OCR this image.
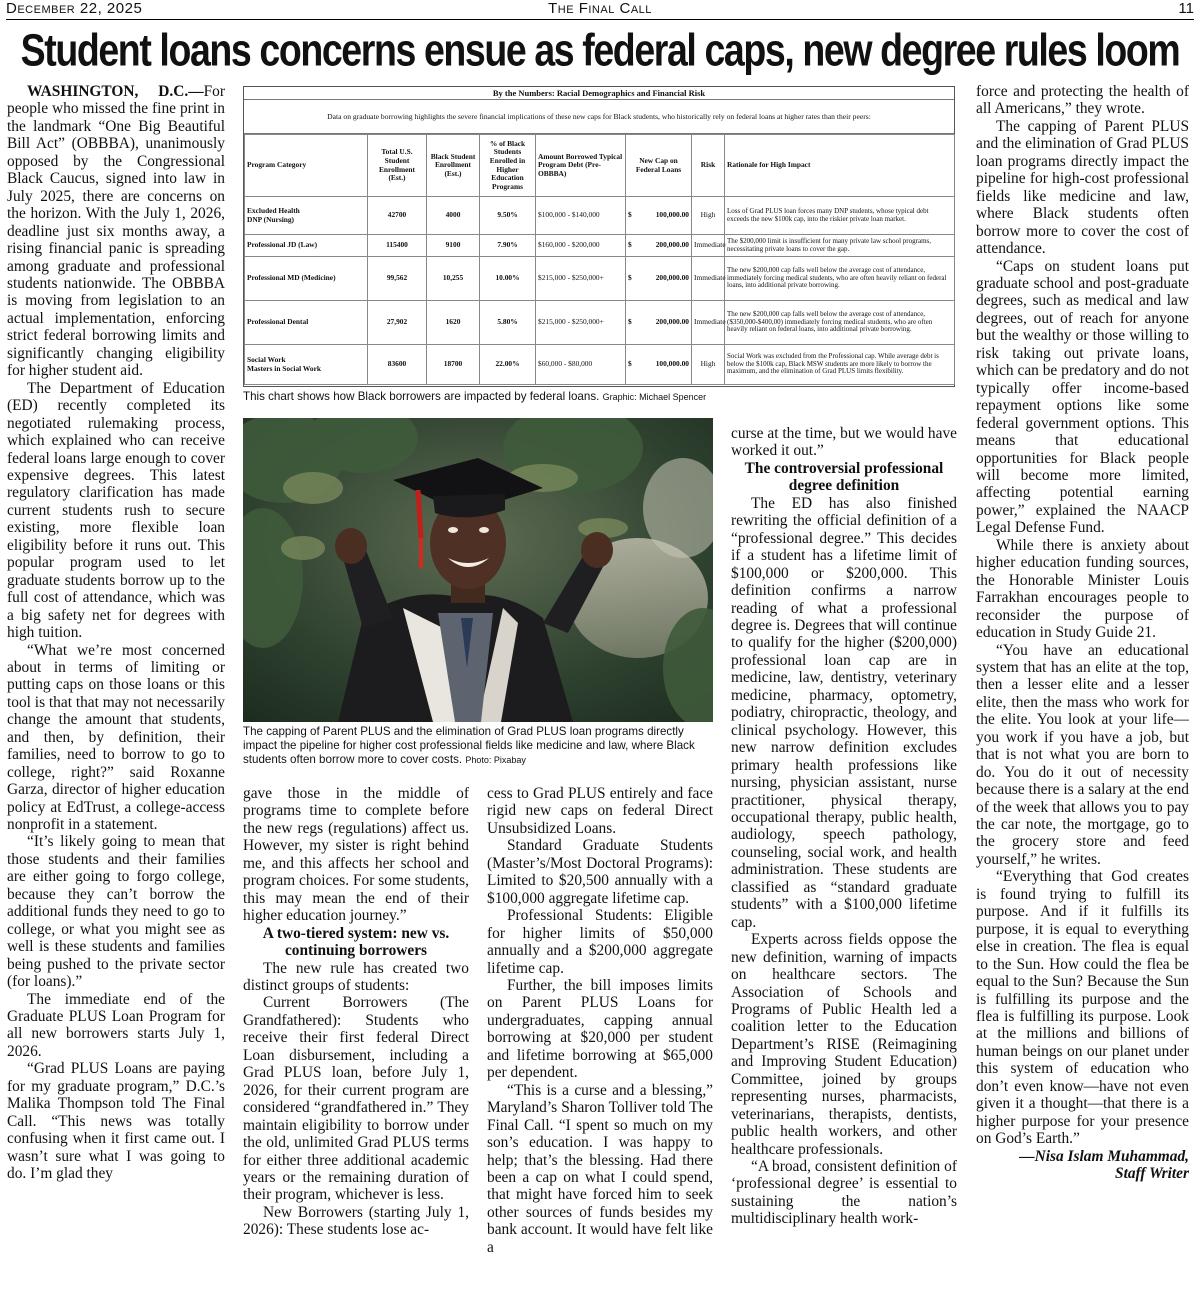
December 22, 2025	The Final Call	11
Student loans concerns ensue as federal caps, new degree rules loom

WASHINGTON, D.C.—For people who missed the fine print in the landmark “One Big Beautiful Bill Act” (OBBBA), unanimously opposed by the Congressional Black Caucus, signed into law in July 2025, there are concerns on the horizon. With the July 1, 2026, deadline just six months away, a rising financial panic is spreading among graduate and professional students nationwide. The OBBBA is moving from legislation to an actual implementation, enforcing strict federal borrowing limits and significantly changing eligibility for higher student aid.

The Department of Education (ED) recently completed its negotiated rulemaking process, which explained who can receive federal loans large enough to cover expensive degrees. This latest regulatory clarification has made current students rush to secure existing, more flexible loan eligibility before it runs out. This popular program used to let graduate students borrow up to the full cost of attendance, which was a big safety net for degrees with high tuition.

“What we’re most concerned about in terms of limiting or putting caps on those loans or this tool is that that may not necessarily change the amount that students, and then, by definition, their families, need to borrow to go to college, right?” said Roxanne Garza, director of higher education policy at EdTrust, a college-access nonprofit in a statement.

“It’s likely going to mean that those students and their families are either going to forgo college, because they can’t borrow the additional funds they need to go to college, or what you might see as well is these students and families being pushed to the private sector (for loans).”

The immediate end of the Graduate PLUS Loan Program for all new borrowers starts July 1, 2026.

“Grad PLUS Loans are paying for my graduate program,” D.C.’s Malika Thompson told The Final Call. “This news was totally confusing when it first came out. I wasn’t sure what I was going to do. I’m glad they

By the Numbers: Racial Demographics and Financial Risk
Data on graduate borrowing highlights the severe financial implications of these new caps for Black students, who historically rely on federal loans at higher rates than their peers:
Program Category	Total U.S. Student Enrollment (Est.)	Black Student Enrollment (Est.)	% of Black Students Enrolled in Higher Education Programs	Amount Borrowed Typical Program Debt (Pre-OBBBA)	New Cap on Federal Loans	Risk	Rationale for High Impact
Excluded Health
DNP (Nursing)	42700	4000	9.50%	$100,000 - $140,000	$ 100,000.00	High	Loss of Grad PLUS loan forces many DNP students, whose typical debt exceeds the new $100k cap, into the riskier private loan market.
Professional JD (Law)	115400	9100	7.90%	$160,000 - $200,000	$ 200,000.00	Immediate	The $200,000 limit is insufficient for many private law school programs, necessitating private loans to cover the gap.
Professional MD (Medicine)	99,562	10,255	10.00%	$215,000 - $250,000+	$ 200,000.00	Immediate	The new $200,000 cap falls well below the average cost of attendance, immediately forcing medical students, who are often heavily reliant on federal loans, into additional private borrowing.
Professional Dental	27,902	1620	5.80%	$215,000 - $250,000+	$ 200,000.00	Immediate	The new $200,000 cap falls well below the average cost of attendance, ($350,000-$400,00) immediately forcing medical students, who are often heavily reliant on federal loans, into additional private borrowing.
Social Work
Masters in Social Work	83600	18700	22.00%	$60,000 - $80,000	$ 100,000.00	High	Social Work was excluded from the Professional cap. While average debt is below the $100k cap, Black MSW students are more likely to borrow the maximum, and the elimination of Grad PLUS limits flexibility.
This chart shows how Black borrowers are impacted by federal loans. Graphic: Michael Spencer
The capping of Parent PLUS and the elimination of Grad PLUS loan programs directly impact the pipeline for higher cost professional fields like medicine and law, where Black students often borrow more to cover costs. Photo: Pixabay

gave those in the middle of programs time to complete before the new regs (regulations) affect us. However, my sister is right behind me, and this affects her school and program choices. For some students, this may mean the end of their higher education journey.”

A two-tiered system: new vs. continuing borrowers

The new rule has created two distinct groups of students:

Current Borrowers (The Grandfathered): Students who receive their first federal Direct Loan disbursement, including a Grad PLUS loan, before July 1, 2026, for their current program are considered “grandfathered in.” They maintain eligibility to borrow under the old, unlimited Grad PLUS terms for either three additional academic years or the remaining duration of their program, whichever is less.

New Borrowers (starting July 1, 2026): These students lose ac-

cess to Grad PLUS entirely and face rigid new caps on federal Direct Unsubsidized Loans.

Standard Graduate Students (Master’s/Most Doctoral Programs): Limited to $20,500 annually with a $100,000 aggregate lifetime cap.

Professional Students: Eligible for higher limits of $50,000 annually and a $200,000 aggregate lifetime cap.

Further, the bill imposes limits on Parent PLUS Loans for undergraduates, capping annual borrowing at $20,000 per student and lifetime borrowing at $65,000 per dependent.

“This is a curse and a blessing,” Maryland’s Sharon Tolliver told The Final Call. “I spent so much on my son’s education. I was happy to help; that’s the blessing. Had there been a cap on what I could spend, that might have forced him to seek other sources of funds besides my bank account. It would have felt like a

curse at the time, but we would have worked it out.”

The controversial professional degree definition

The ED has also finished rewriting the official definition of a “professional degree.” This decides if a student has a lifetime limit of $100,000 or $200,000. This definition confirms a narrow reading of what a professional degree is. Degrees that will continue to qualify for the higher ($200,000) professional loan cap are in medicine, law, dentistry, veterinary medicine, pharmacy, optometry, podiatry, chiropractic, theology, and clinical psychology. However, this new narrow definition excludes primary health professions like nursing, physician assistant, nurse practitioner, physical therapy, occupational therapy, public health, audiology, speech pathology, counseling, social work, and health administration. These students are classified as “standard graduate students” with a $100,000 lifetime cap.

Experts across fields oppose the new definition, warning of impacts on healthcare sectors. The Association of Schools and Programs of Public Health led a coalition letter to the Education Department’s RISE (Reimagining and Improving Student Education) Committee, joined by groups representing nurses, pharmacists, veterinarians, therapists, dentists, public health workers, and other healthcare professionals.

“A broad, consistent definition of ‘professional degree’ is essential to sustaining the nation’s multidisciplinary health work-

force and protecting the health of all Americans,” they wrote.

The capping of Parent PLUS and the elimination of Grad PLUS loan programs directly impact the pipeline for high-cost professional fields like medicine and law, where Black students often borrow more to cover the cost of attendance.

“Caps on student loans put graduate school and post-graduate degrees, such as medical and law degrees, out of reach for anyone but the wealthy or those willing to risk taking out private loans, which can be predatory and do not typically offer income-based repayment options like some federal government options. This means that educational opportunities for Black people will become more limited, affecting potential earning power,” explained the NAACP Legal Defense Fund.

While there is anxiety about higher education funding sources, the Honorable Minister Louis Farrakhan encourages people to reconsider the purpose of education in Study Guide 21.

“You have an educational system that has an elite at the top, then a lesser elite and a lesser elite, then the mass who work for the elite. You look at your life—you work if you have a job, but that is not what you are born to do. You do it out of necessity because there is a salary at the end of the week that allows you to pay the car note, the mortgage, go to the grocery store and feed yourself,” he writes.

“Everything that God creates is found trying to fulfill its purpose. And if it fulfills its purpose, it is equal to everything else in creation. The flea is equal to the Sun. How could the flea be equal to the Sun? Because the Sun is fulfilling its purpose and the flea is fulfilling its purpose. Look at the millions and billions of human beings on our planet under this system of education who don’t even know—have not even given it a thought—that there is a higher purpose for your presence on God’s Earth.”

—Nisa Islam Muhammad,

Staff Writer
